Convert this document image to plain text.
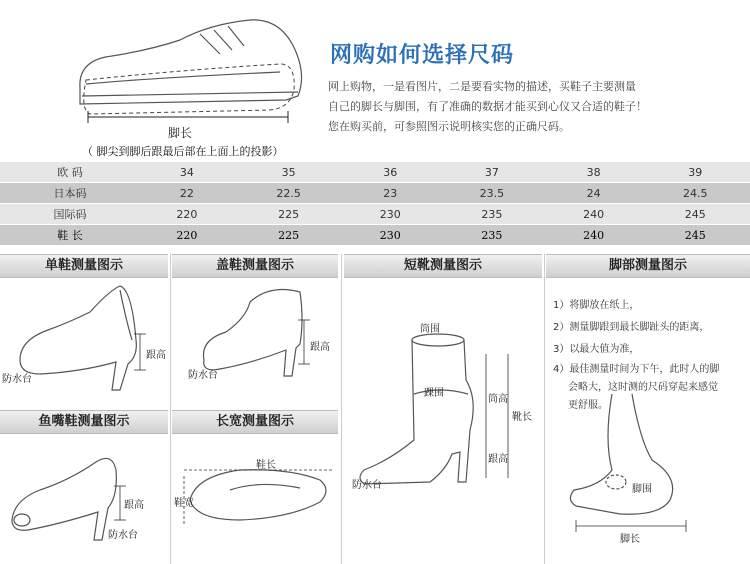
网购如何选择尺码
网上购物，一是看图片，二是要看实物的描述，买鞋子主要测量
自己的脚长与脚围，有了准确的数据才能买到心仪又合适的鞋子！
您在购买前，可参照图示说明核实您的正确尺码。
脚长
（ 脚尖到脚后跟最后部在上面上的投影）
欧 码	34	35	36	37	38	39
日本码	22	22.5	23	23.5	24	24.5
国际码	220	225	230	235	240	245
鞋 长	220	225	230	235	240	245
单鞋测量图示	盖鞋测量图示	短靴测量图示	脚部测量图示
鱼嘴鞋测量图示	长宽测量图示
跟高
防水台
跟高
防水台
筒围
踝围
筒高
靴长
跟高
防水台
1）将脚放在纸上，
2）测量脚跟到最长脚趾头的距离，
3）以最大值为准，
4）最佳测量时间为下午，此时人的脚
会略大，这时测的尺码穿起来感觉
更舒服。
脚围
脚长
跟高
防水台
鞋长
鞋宽
